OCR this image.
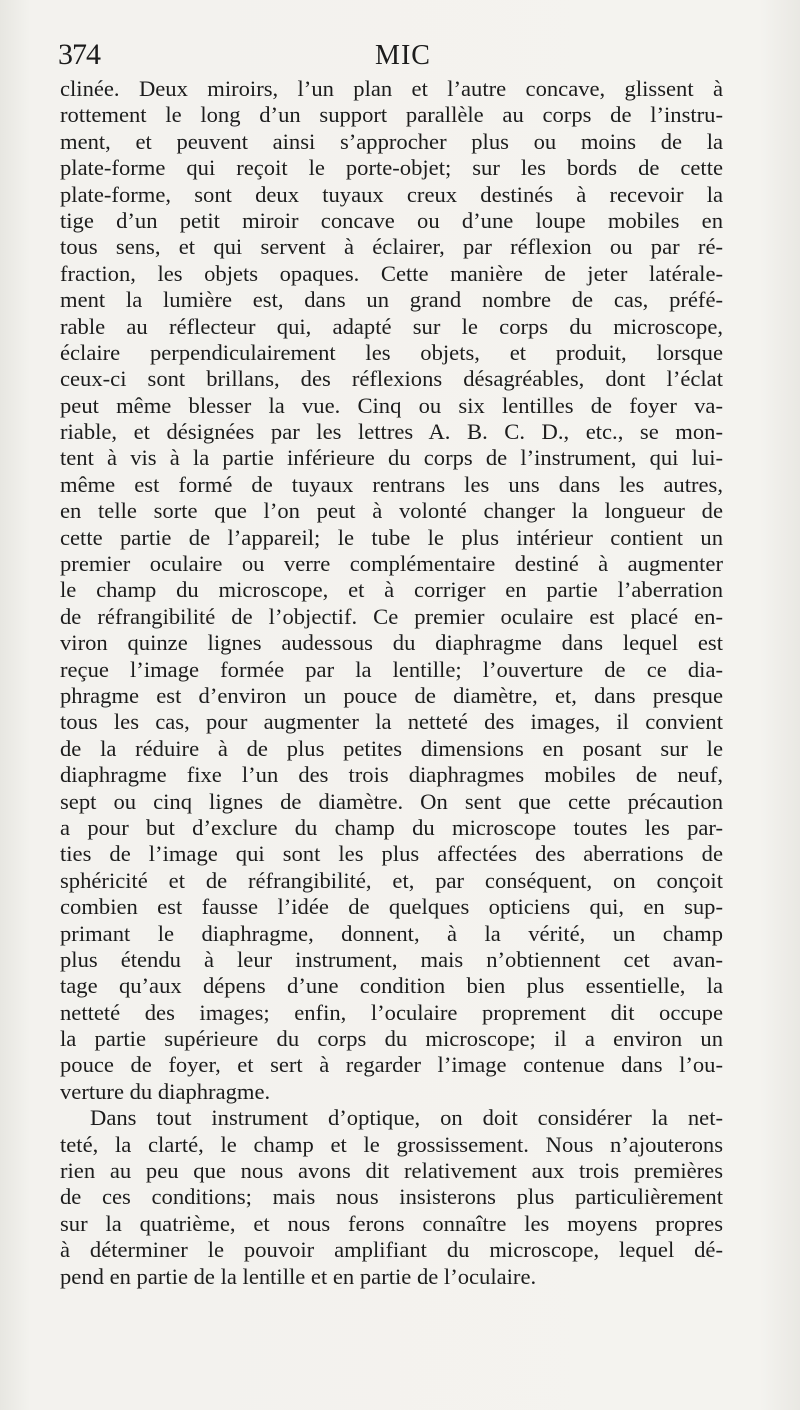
374	MIC
clinée. Deux miroirs, l’un plan et l’autre concave, glissent à
rottement le long d’un support parallèle au corps de l’instru-
ment, et peuvent ainsi s’approcher plus ou moins de la
plate-forme qui reçoit le porte-objet; sur les bords de cette
plate-forme, sont deux tuyaux creux destinés à recevoir la
tige d’un petit miroir concave ou d’une loupe mobiles en
tous sens, et qui servent à éclairer, par réflexion ou par ré-
fraction, les objets opaques. Cette manière de jeter latérale-
ment la lumière est, dans un grand nombre de cas, préfé-
rable au réflecteur qui, adapté sur le corps du microscope,
éclaire perpendiculairement les objets, et produit, lorsque
ceux-ci sont brillans, des réflexions désagréables, dont l’éclat
peut même blesser la vue. Cinq ou six lentilles de foyer va-
riable, et désignées par les lettres A. B. C. D., etc., se mon-
tent à vis à la partie inférieure du corps de l’instrument, qui lui-
même est formé de tuyaux rentrans les uns dans les autres,
en telle sorte que l’on peut à volonté changer la longueur de
cette partie de l’appareil; le tube le plus intérieur contient un
premier oculaire ou verre complémentaire destiné à augmenter
le champ du microscope, et à corriger en partie l’aberration
de réfrangibilité de l’objectif. Ce premier oculaire est placé en-
viron quinze lignes audessous du diaphragme dans lequel est
reçue l’image formée par la lentille; l’ouverture de ce dia-
phragme est d’environ un pouce de diamètre, et, dans presque
tous les cas, pour augmenter la netteté des images, il convient
de la réduire à de plus petites dimensions en posant sur le
diaphragme fixe l’un des trois diaphragmes mobiles de neuf,
sept ou cinq lignes de diamètre. On sent que cette précaution
a pour but d’exclure du champ du microscope toutes les par-
ties de l’image qui sont les plus affectées des aberrations de
sphéricité et de réfrangibilité, et, par conséquent, on conçoit
combien est fausse l’idée de quelques opticiens qui, en sup-
primant le diaphragme, donnent, à la vérité, un champ
plus étendu à leur instrument, mais n’obtiennent cet avan-
tage qu’aux dépens d’une condition bien plus essentielle, la
netteté des images; enfin, l’oculaire proprement dit occupe
la partie supérieure du corps du microscope; il a environ un
pouce de foyer, et sert à regarder l’image contenue dans l’ou-
verture du diaphragme.
Dans tout instrument d’optique, on doit considérer la net-
teté, la clarté, le champ et le grossissement. Nous n’ajouterons
rien au peu que nous avons dit relativement aux trois premières
de ces conditions; mais nous insisterons plus particulièrement
sur la quatrième, et nous ferons connaître les moyens propres
à déterminer le pouvoir amplifiant du microscope, lequel dé-
pend en partie de la lentille et en partie de l’oculaire.
